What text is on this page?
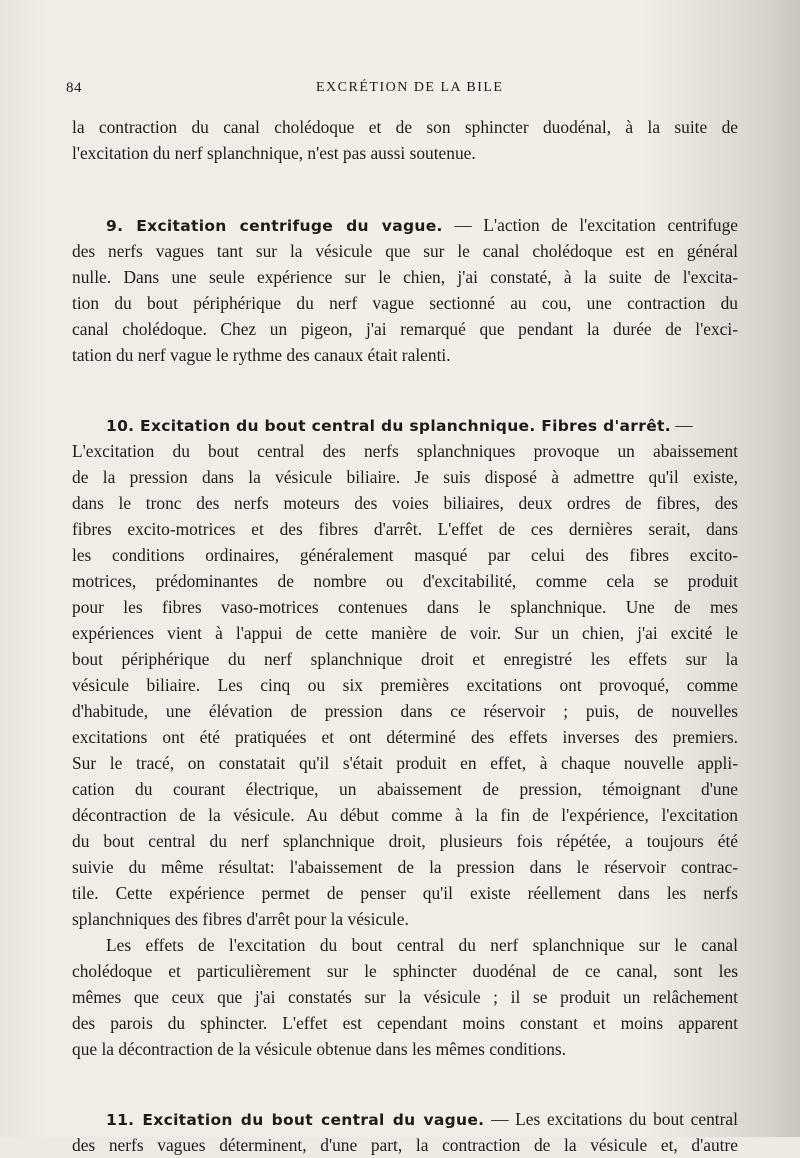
84	EXCRÉTION DE LA BILE
la contraction du canal cholédoque et de son sphincter duodénal, à la suite de
l'excitation du nerf splanchnique, n'est pas aussi soutenue.
9. Excitation centrifuge du vague. — L'action de l'excitation centrifuge
des nerfs vagues tant sur la vésicule que sur le canal cholédoque est en général
nulle. Dans une seule expérience sur le chien, j'ai constaté, à la suite de l'excita-
tion du bout périphérique du nerf vague sectionné au cou, une contraction du
canal cholédoque. Chez un pigeon, j'ai remarqué que pendant la durée de l'exci-
tation du nerf vague le rythme des canaux était ralenti.
10. Excitation du bout central du splanchnique. Fibres d'arrêt. —
L'excitation du bout central des nerfs splanchniques provoque un abaissement
de la pression dans la vésicule biliaire. Je suis disposé à admettre qu'il existe,
dans le tronc des nerfs moteurs des voies biliaires, deux ordres de fibres, des
fibres excito-motrices et des fibres d'arrêt. L'effet de ces dernières serait, dans
les conditions ordinaires, généralement masqué par celui des fibres excito-
motrices, prédominantes de nombre ou d'excitabilité, comme cela se produit
pour les fibres vaso-motrices contenues dans le splanchnique. Une de mes
expériences vient à l'appui de cette manière de voir. Sur un chien, j'ai excité le
bout périphérique du nerf splanchnique droit et enregistré les effets sur la
vésicule biliaire. Les cinq ou six premières excitations ont provoqué, comme
d'habitude, une élévation de pression dans ce réservoir ; puis, de nouvelles
excitations ont été pratiquées et ont déterminé des effets inverses des premiers.
Sur le tracé, on constatait qu'il s'était produit en effet, à chaque nouvelle appli-
cation du courant électrique, un abaissement de pression, témoignant d'une
décontraction de la vésicule. Au début comme à la fin de l'expérience, l'excitation
du bout central du nerf splanchnique droit, plusieurs fois répétée, a toujours été
suivie du même résultat: l'abaissement de la pression dans le réservoir contrac-
tile. Cette expérience permet de penser qu'il existe réellement dans les nerfs
splanchniques des fibres d'arrêt pour la vésicule.
Les effets de l'excitation du bout central du nerf splanchnique sur le canal
cholédoque et particulièrement sur le sphincter duodénal de ce canal, sont les
mêmes que ceux que j'ai constatés sur la vésicule ; il se produit un relâchement
des parois du sphincter. L'effet est cependant moins constant et moins apparent
que la décontraction de la vésicule obtenue dans les mêmes conditions.
11. Excitation du bout central du vague. — Les excitations du bout central
des nerfs vagues déterminent, d'une part, la contraction de la vésicule et, d'autre
